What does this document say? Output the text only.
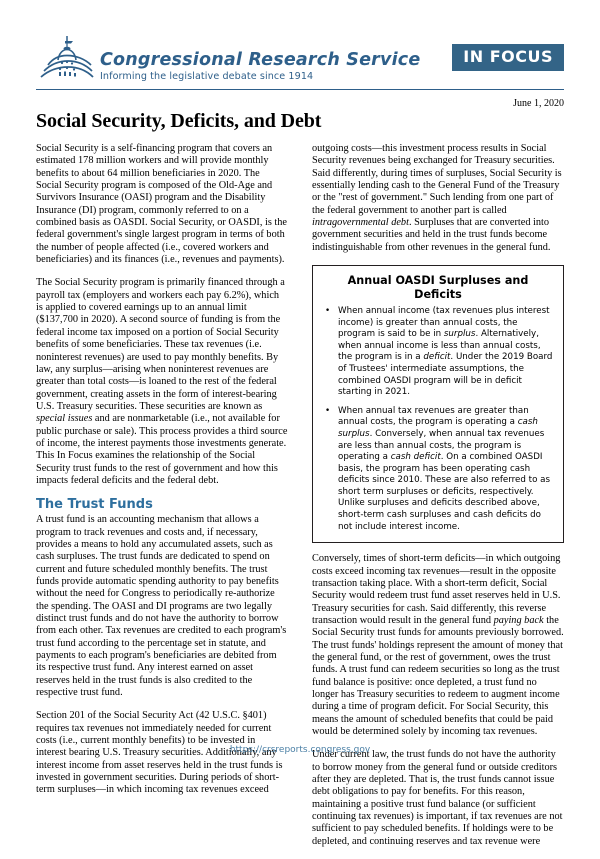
Congressional Research Service
Informing the legislative debate since 1914
IN FOCUS
June 1, 2020
Social Security, Deficits, and Debt

Social Security is a self-financing program that covers an estimated 178 million workers and will provide monthly benefits to about 64 million beneficiaries in 2020. The Social Security program is composed of the Old-Age and Survivors Insurance (OASI) program and the Disability Insurance (DI) program, commonly referred to on a combined basis as OASDI. Social Security, or OASDI, is the federal government's single largest program in terms of both the number of people affected (i.e., covered workers and beneficiaries) and its finances (i.e., revenues and payments).

The Social Security program is primarily financed through a payroll tax (employers and workers each pay 6.2%), which is applied to covered earnings up to an annual limit ($137,700 in 2020). A second source of funding is from the federal income tax imposed on a portion of Social Security benefits of some beneficiaries. These tax revenues (i.e. noninterest revenues) are used to pay monthly benefits. By law, any surplus—arising when noninterest revenues are greater than total costs—is loaned to the rest of the federal government, creating assets in the form of interest-bearing U.S. Treasury securities. These securities are known as special issues and are nonmarketable (i.e., not available for public purchase or sale). This process provides a third source of income, the interest payments those investments generate. This In Focus examines the relationship of the Social Security trust funds to the rest of government and how this impacts federal deficits and the federal debt.

The Trust Funds

A trust fund is an accounting mechanism that allows a program to track revenues and costs and, if necessary, provides a means to hold any accumulated assets, such as cash surpluses. The trust funds are dedicated to spend on current and future scheduled monthly benefits. The trust funds provide automatic spending authority to pay benefits without the need for Congress to periodically re-authorize the spending. The OASI and DI programs are two legally distinct trust funds and do not have the authority to borrow from each other. Tax revenues are credited to each program's trust fund according to the percentage set in statute, and payments to each program's beneficiaries are debited from its respective trust fund. Any interest earned on asset reserves held in the trust funds is also credited to the respective trust fund.

Section 201 of the Social Security Act (42 U.S.C. §401) requires tax revenues not immediately needed for current costs (i.e., current monthly benefits) to be invested in interest bearing U.S. Treasury securities. Additionally, any interest income from asset reserves held in the trust funds is invested in government securities. During periods of short-term surpluses—in which incoming tax revenues exceed

outgoing costs—this investment process results in Social Security revenues being exchanged for Treasury securities. Said differently, during times of surpluses, Social Security is essentially lending cash to the General Fund of the Treasury or the "rest of government." Such lending from one part of the federal government to another part is called intragovernmental debt. Surpluses that are converted into government securities and held in the trust funds become indistinguishable from other revenues in the general fund.

Annual OASDI Surpluses and Deficits
• When annual income (tax revenues plus interest income) is greater than annual costs, the program is said to be in surplus. Alternatively, when annual income is less than annual costs, the program is in a deficit. Under the 2019 Board of Trustees' intermediate assumptions, the combined OASDI program will be in deficit starting in 2021.
• When annual tax revenues are greater than annual costs, the program is operating a cash surplus. Conversely, when annual tax revenues are less than annual costs, the program is operating a cash deficit. On a combined OASDI basis, the program has been operating cash deficits since 2010. These are also referred to as short term surpluses or deficits, respectively. Unlike surpluses and deficits described above, short-term cash surpluses and cash deficits do not include interest income.

Conversely, times of short-term deficits—in which outgoing costs exceed incoming tax revenues—result in the opposite transaction taking place. With a short-term deficit, Social Security would redeem trust fund asset reserves held in U.S. Treasury securities for cash. Said differently, this reverse transaction would result in the general fund paying back the Social Security trust funds for amounts previously borrowed. The trust funds' holdings represent the amount of money that the general fund, or the rest of government, owes the trust funds. A trust fund can redeem securities so long as the trust fund balance is positive: once depleted, a trust fund no longer has Treasury securities to redeem to augment income during a time of program deficit. For Social Security, this means the amount of scheduled benefits that could be paid would be determined solely by incoming tax revenues.

Under current law, the trust funds do not have the authority to borrow money from the general fund or outside creditors after they are depleted. That is, the trust funds cannot issue debt obligations to pay for benefits. For this reason, maintaining a positive trust fund balance (or sufficient continuing tax revenues) is important, if tax revenues are not sufficient to pay scheduled benefits. If holdings were to be depleted, and continuing reserves and tax revenue were

https://crsreports.congress.gov
